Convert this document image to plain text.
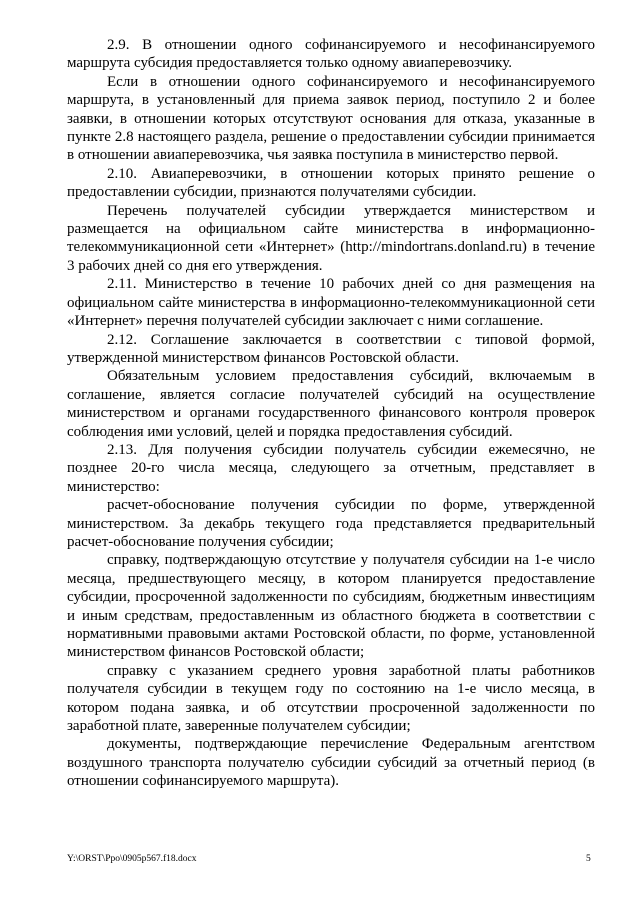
2.9. В отношении одного софинансируемого и несофинансируемого маршрута субсидия предоставляется только одному авиаперевозчику.

Если в отношении одного софинансируемого и несофинансируемого маршрута, в установленный для приема заявок период, поступило 2 и более заявки, в отношении которых отсутствуют основания для отказа, указанные в пункте 2.8 настоящего раздела, решение о предоставлении субсидии принимается в отношении авиаперевозчика, чья заявка поступила в министерство первой.

2.10. Авиаперевозчики, в отношении которых принято решение о предоставлении субсидии, признаются получателями субсидии.

Перечень получателей субсидии утверждается министерством и размещается на официальном сайте министерства в информационно-телекоммуникационной сети «Интернет» (http://mindortrans.donland.ru) в течение 3 рабочих дней со дня его утверждения.

2.11. Министерство в течение 10 рабочих дней со дня размещения на официальном сайте министерства в информационно-телекоммуникационной сети «Интернет» перечня получателей субсидии заключает с ними соглашение.

2.12. Соглашение заключается в соответствии с типовой формой, утвержденной министерством финансов Ростовской области.

Обязательным условием предоставления субсидий, включаемым в соглашение, является согласие получателей субсидий на осуществление министерством и органами государственного финансового контроля проверок соблюдения ими условий, целей и порядка предоставления субсидий.

2.13. Для получения субсидии получатель субсидии ежемесячно, не позднее 20-го числа месяца, следующего за отчетным, представляет в министерство:

расчет-обоснование получения субсидии по форме, утвержденной министерством. За декабрь текущего года представляется предварительный расчет-обоснование получения субсидии;

справку, подтверждающую отсутствие у получателя субсидии на 1-е число месяца, предшествующего месяцу, в котором планируется предоставление субсидии, просроченной задолженности по субсидиям, бюджетным инвестициям и иным средствам, предоставленным из областного бюджета в соответствии с нормативными правовыми актами Ростовской области, по форме, установленной министерством финансов Ростовской области;

справку с указанием среднего уровня заработной платы работников получателя субсидии в текущем году по состоянию на 1-е число месяца, в котором подана заявка, и об отсутствии просроченной задолженности по заработной плате, заверенные получателем субсидии;

документы, подтверждающие перечисление Федеральным агентством воздушного транспорта получателю субсидии субсидий за отчетный период (в отношении софинансируемого маршрута).

Y:\ORST\Ppo\0905p567.f18.docx	5
